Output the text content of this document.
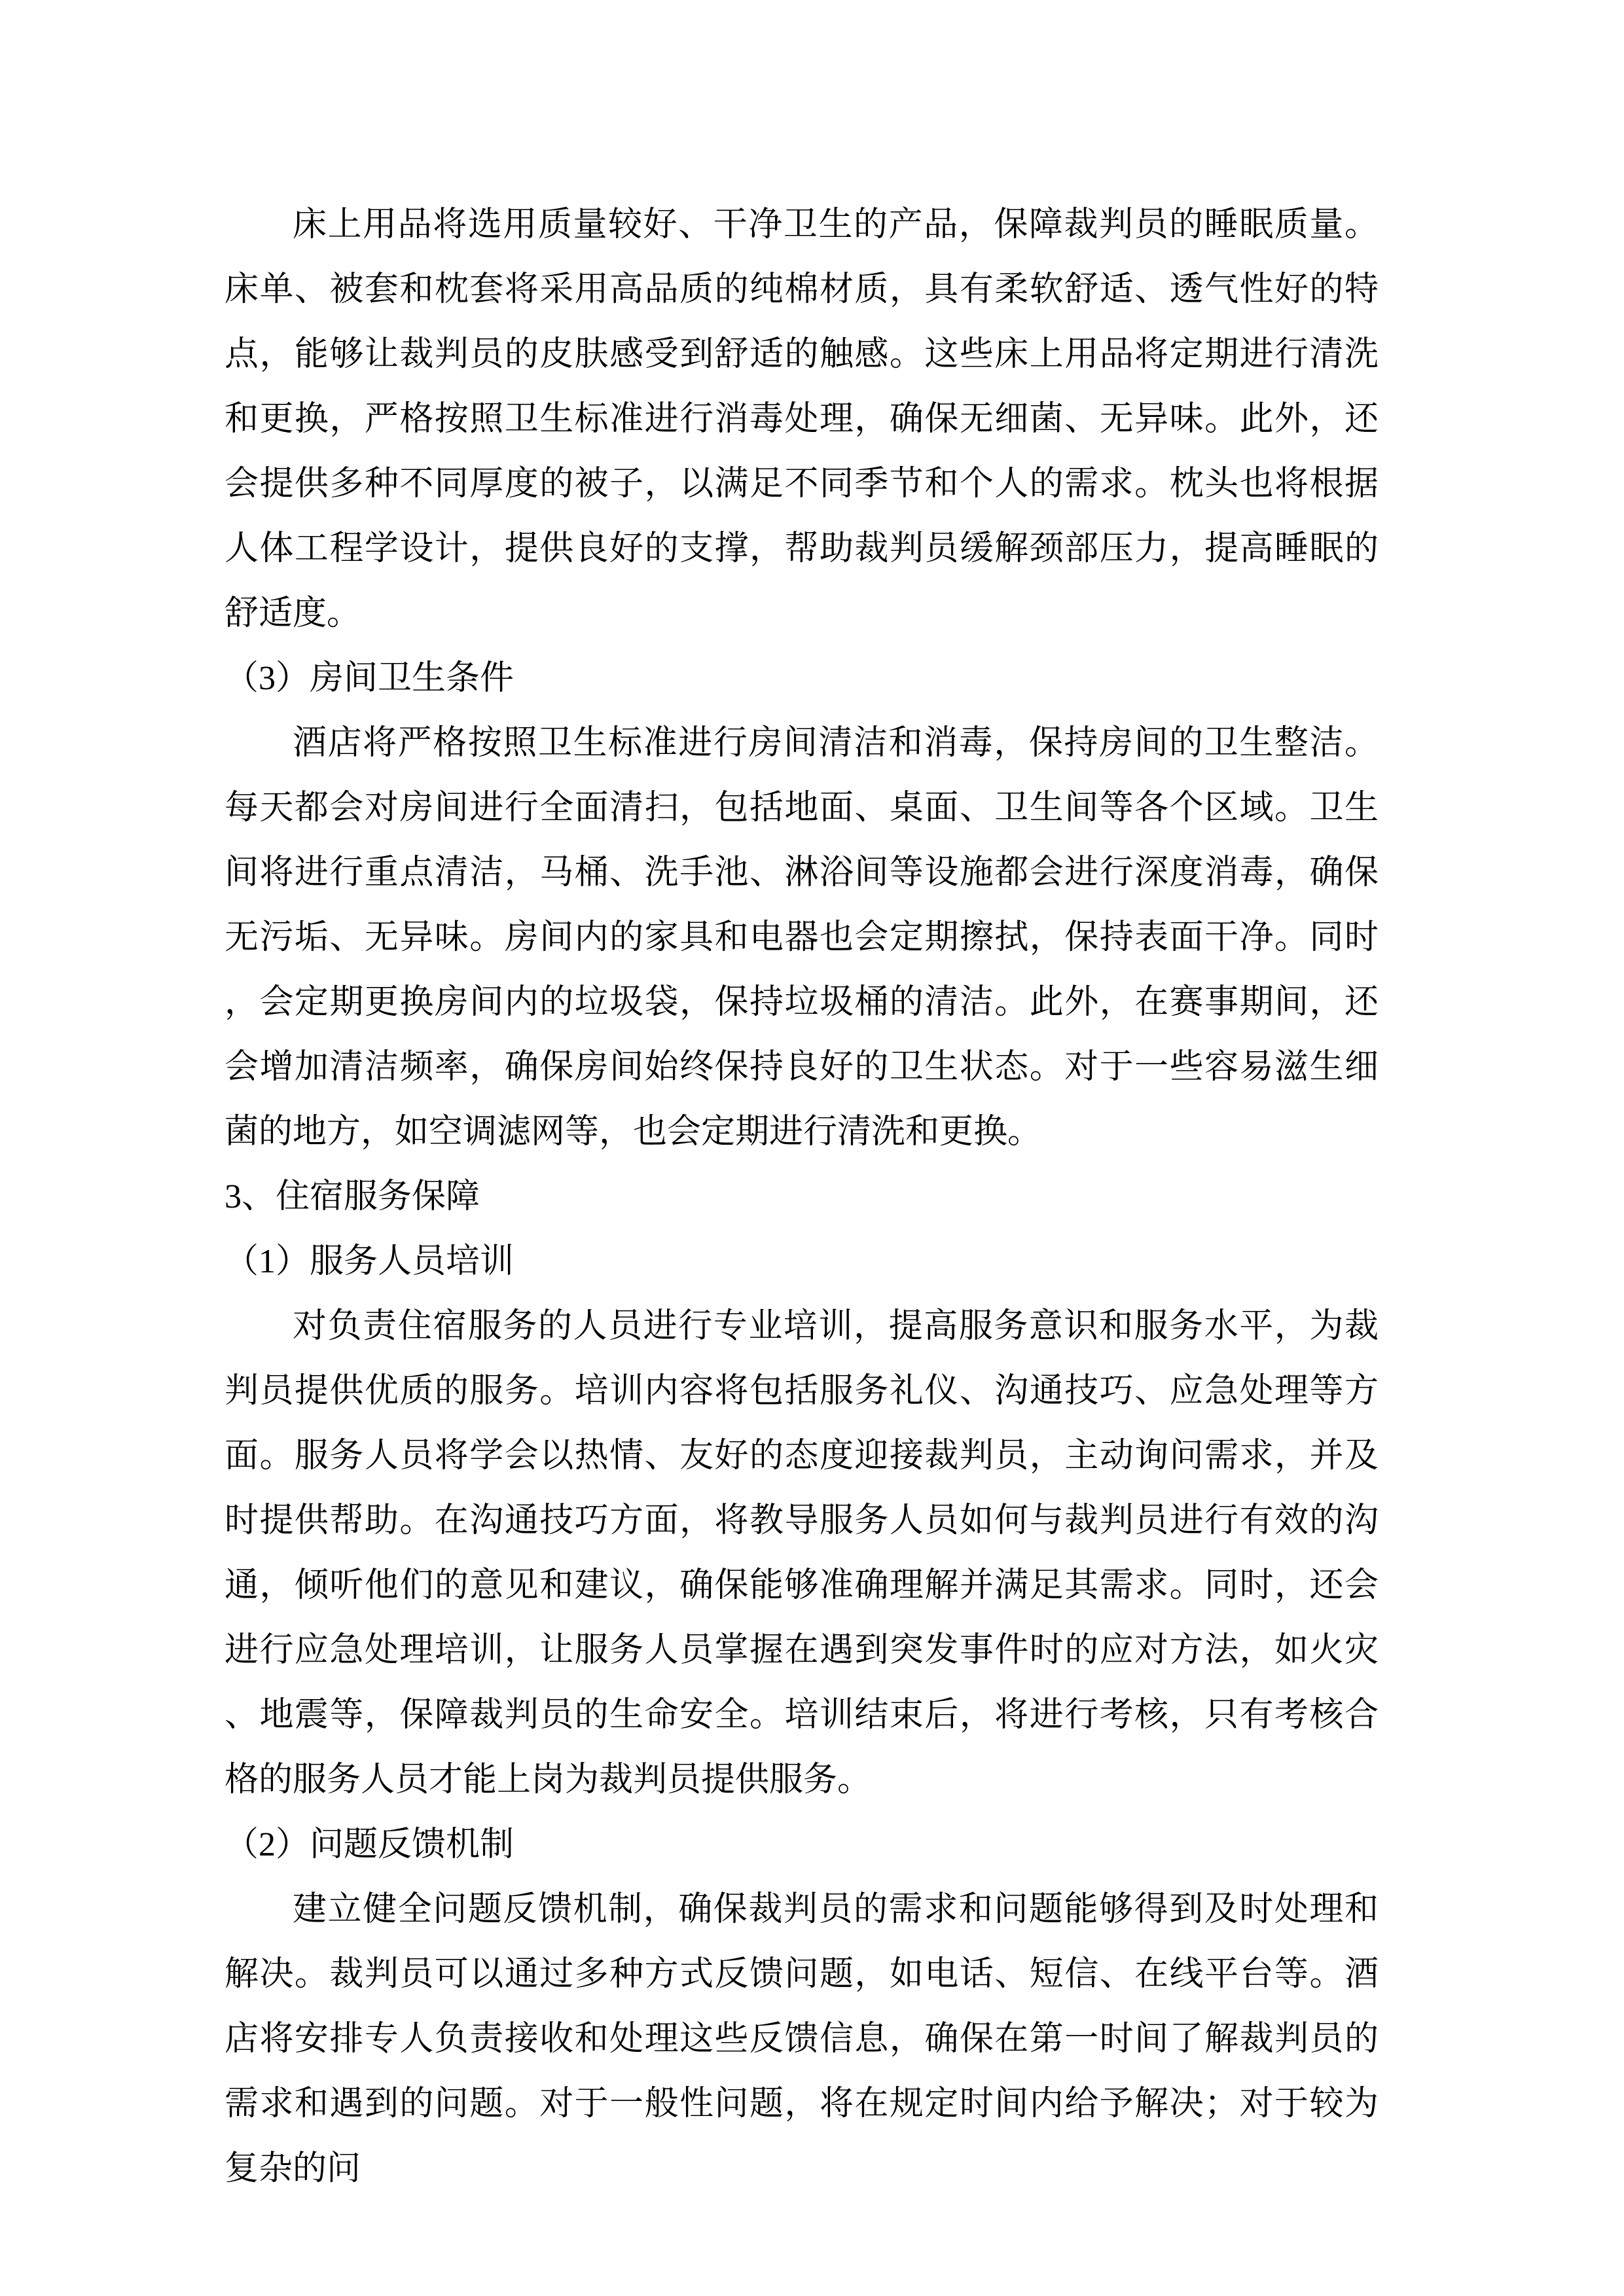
床上用品将选用质量较好、干净卫生的产品，保障裁判员的睡眠质量。床单、被套和枕套将采用高品质的纯棉材质，具有柔软舒适、透气性好的特点，能够让裁判员的皮肤感受到舒适的触感。这些床上用品将定期进行清洗和更换，严格按照卫生标准进行消毒处理，确保无细菌、无异味。此外，还会提供多种不同厚度的被子，以满足不同季节和个人的需求。枕头也将根据人体工程学设计，提供良好的支撑，帮助裁判员缓解颈部压力，提高睡眠的舒适度。

（3）房间卫生条件

酒店将严格按照卫生标准进行房间清洁和消毒，保持房间的卫生整洁。每天都会对房间进行全面清扫，包括地面、桌面、卫生间等各个区域。卫生间将进行重点清洁，马桶、洗手池、淋浴间等设施都会进行深度消毒，确保无污垢、无异味。房间内的家具和电器也会定期擦拭，保持表面干净。同时，会定期更换房间内的垃圾袋，保持垃圾桶的清洁。此外，在赛事期间，还会增加清洁频率，确保房间始终保持良好的卫生状态。对于一些容易滋生细菌的地方，如空调滤网等，也会定期进行清洗和更换。

3、住宿服务保障

（1）服务人员培训

对负责住宿服务的人员进行专业培训，提高服务意识和服务水平，为裁判员提供优质的服务。培训内容将包括服务礼仪、沟通技巧、应急处理等方面。服务人员将学会以热情、友好的态度迎接裁判员，主动询问需求，并及时提供帮助。在沟通技巧方面，将教导服务人员如何与裁判员进行有效的沟通，倾听他们的意见和建议，确保能够准确理解并满足其需求。同时，还会进行应急处理培训，让服务人员掌握在遇到突发事件时的应对方法，如火灾、地震等，保障裁判员的生命安全。培训结束后，将进行考核，只有考核合格的服务人员才能上岗为裁判员提供服务。

（2）问题反馈机制

建立健全问题反馈机制，确保裁判员的需求和问题能够得到及时处理和解决。裁判员可以通过多种方式反馈问题，如电话、短信、在线平台等。酒店将安排专人负责接收和处理这些反馈信息，确保在第一时间了解裁判员的需求和遇到的问题。对于一般性问题，将在规定时间内给予解决；对于较为复杂的问
